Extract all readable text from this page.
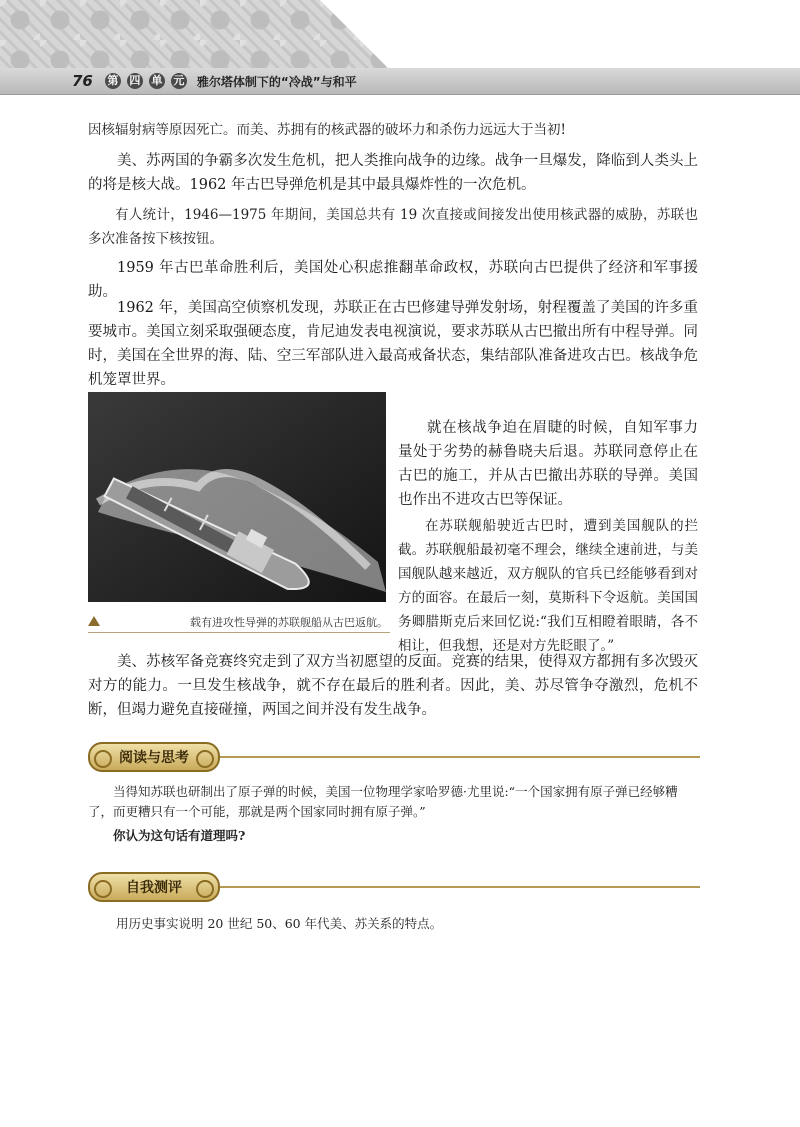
76 第 四 单 元 雅尔塔体制下的“冷战”与和平

因核辐射病等原因死亡。而美、苏拥有的核武器的破坏力和杀伤力远远大于当初!

美、苏两国的争霸多次发生危机，把人类推向战争的边缘。战争一旦爆发，降临到人类头上的将是核大战。1962 年古巴导弹危机是其中最具爆炸性的一次危机。

有人统计，1946—1975 年期间，美国总共有 19 次直接或间接发出使用核武器的威胁，苏联也多次准备按下核按钮。

1959 年古巴革命胜利后，美国处心积虑推翻革命政权，苏联向古巴提供了经济和军事援助。

1962 年，美国高空侦察机发现，苏联正在古巴修建导弹发射场，射程覆盖了美国的许多重要城市。美国立刻采取强硬态度，肯尼迪发表电视演说，要求苏联从古巴撤出所有中程导弹。同时，美国在全世界的海、陆、空三军部队进入最高戒备状态，集结部队准备进攻古巴。核战争危机笼罩世界。

载有进攻性导弹的苏联舰船从古巴返航。

就在核战争迫在眉睫的时候，自知军事力量处于劣势的赫鲁晓夫后退。苏联同意停止在古巴的施工，并从古巴撤出苏联的导弹。美国也作出不进攻古巴等保证。

在苏联舰船驶近古巴时，遭到美国舰队的拦截。苏联舰船最初毫不理会，继续全速前进，与美国舰队越来越近，双方舰队的官兵已经能够看到对方的面容。在最后一刻，莫斯科下令返航。美国国务卿腊斯克后来回忆说:“我们互相瞪着眼睛，各不相让，但我想，还是对方先眨眼了。”

美、苏核军备竞赛终究走到了双方当初愿望的反面。竞赛的结果，使得双方都拥有多次毁灭对方的能力。一旦发生核战争，就不存在最后的胜利者。因此，美、苏尽管争夺激烈，危机不断，但竭力避免直接碰撞，两国之间并没有发生战争。

阅读与思考

当得知苏联也研制出了原子弹的时候，美国一位物理学家哈罗德·尤里说:“一个国家拥有原子弹已经够糟了，而更糟只有一个可能，那就是两个国家同时拥有原子弹。”

你认为这句话有道理吗?

自我测评

用历史事实说明 20 世纪 50、60 年代美、苏关系的特点。
